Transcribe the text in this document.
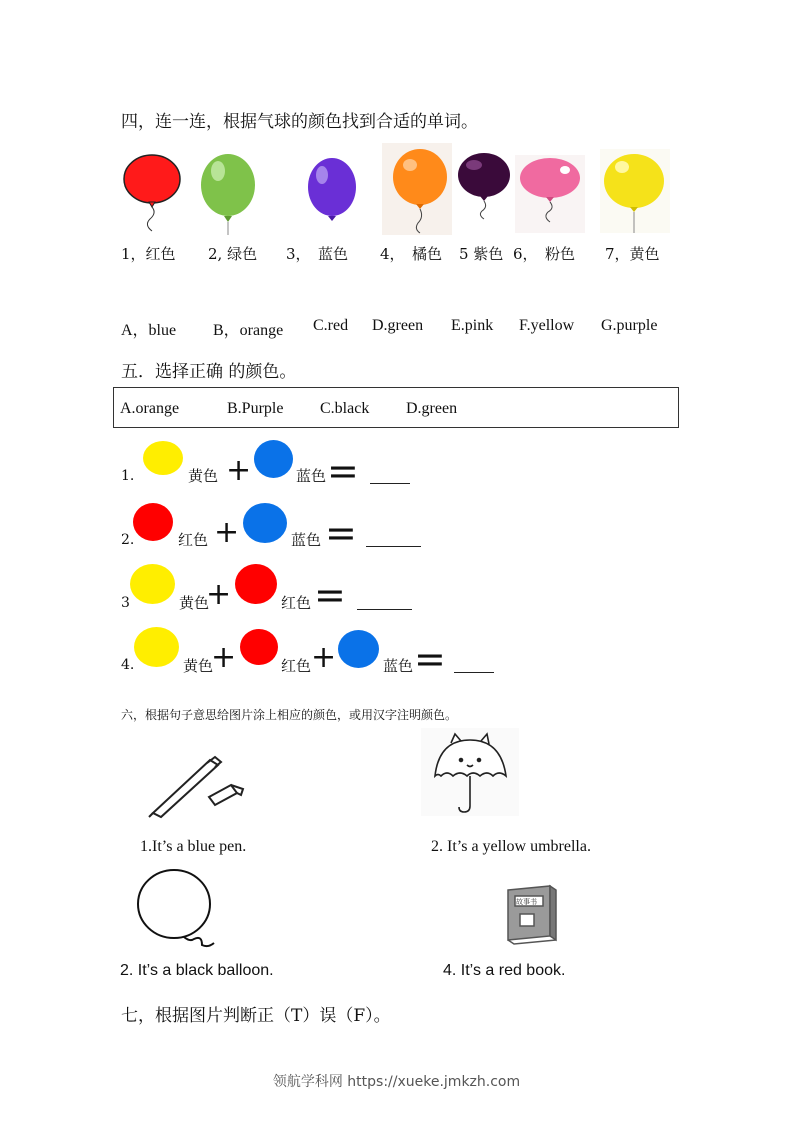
四，连一连，根据气球的颜色找到合适的单词。
1，红色 2, 绿色 3，　蓝色 4，　橘色 5 紫色 6，　粉色 7，黄色
A，blue B，orange C.red D.green E.pink F.yellow G.purple
五．选择正确 的颜色。
A.orange	B.Purple C.black D.green
1.	黄色 +	蓝色 =
2.	红色 +	蓝色 =
3	黄色
+	红色 =
4.	黄色
+	红色 +	蓝色 =
六，根据句子意思给图片涂上相应的颜色，或用汉字注明颜色。
1.It’s a blue pen.	2. It’s a yellow umbrella.
故事书
2. It’s a black balloon.	4. It’s a red book.
七，根据图片判断正（T）误（F）。
领航学科网 https://xueke.jmkzh.com
